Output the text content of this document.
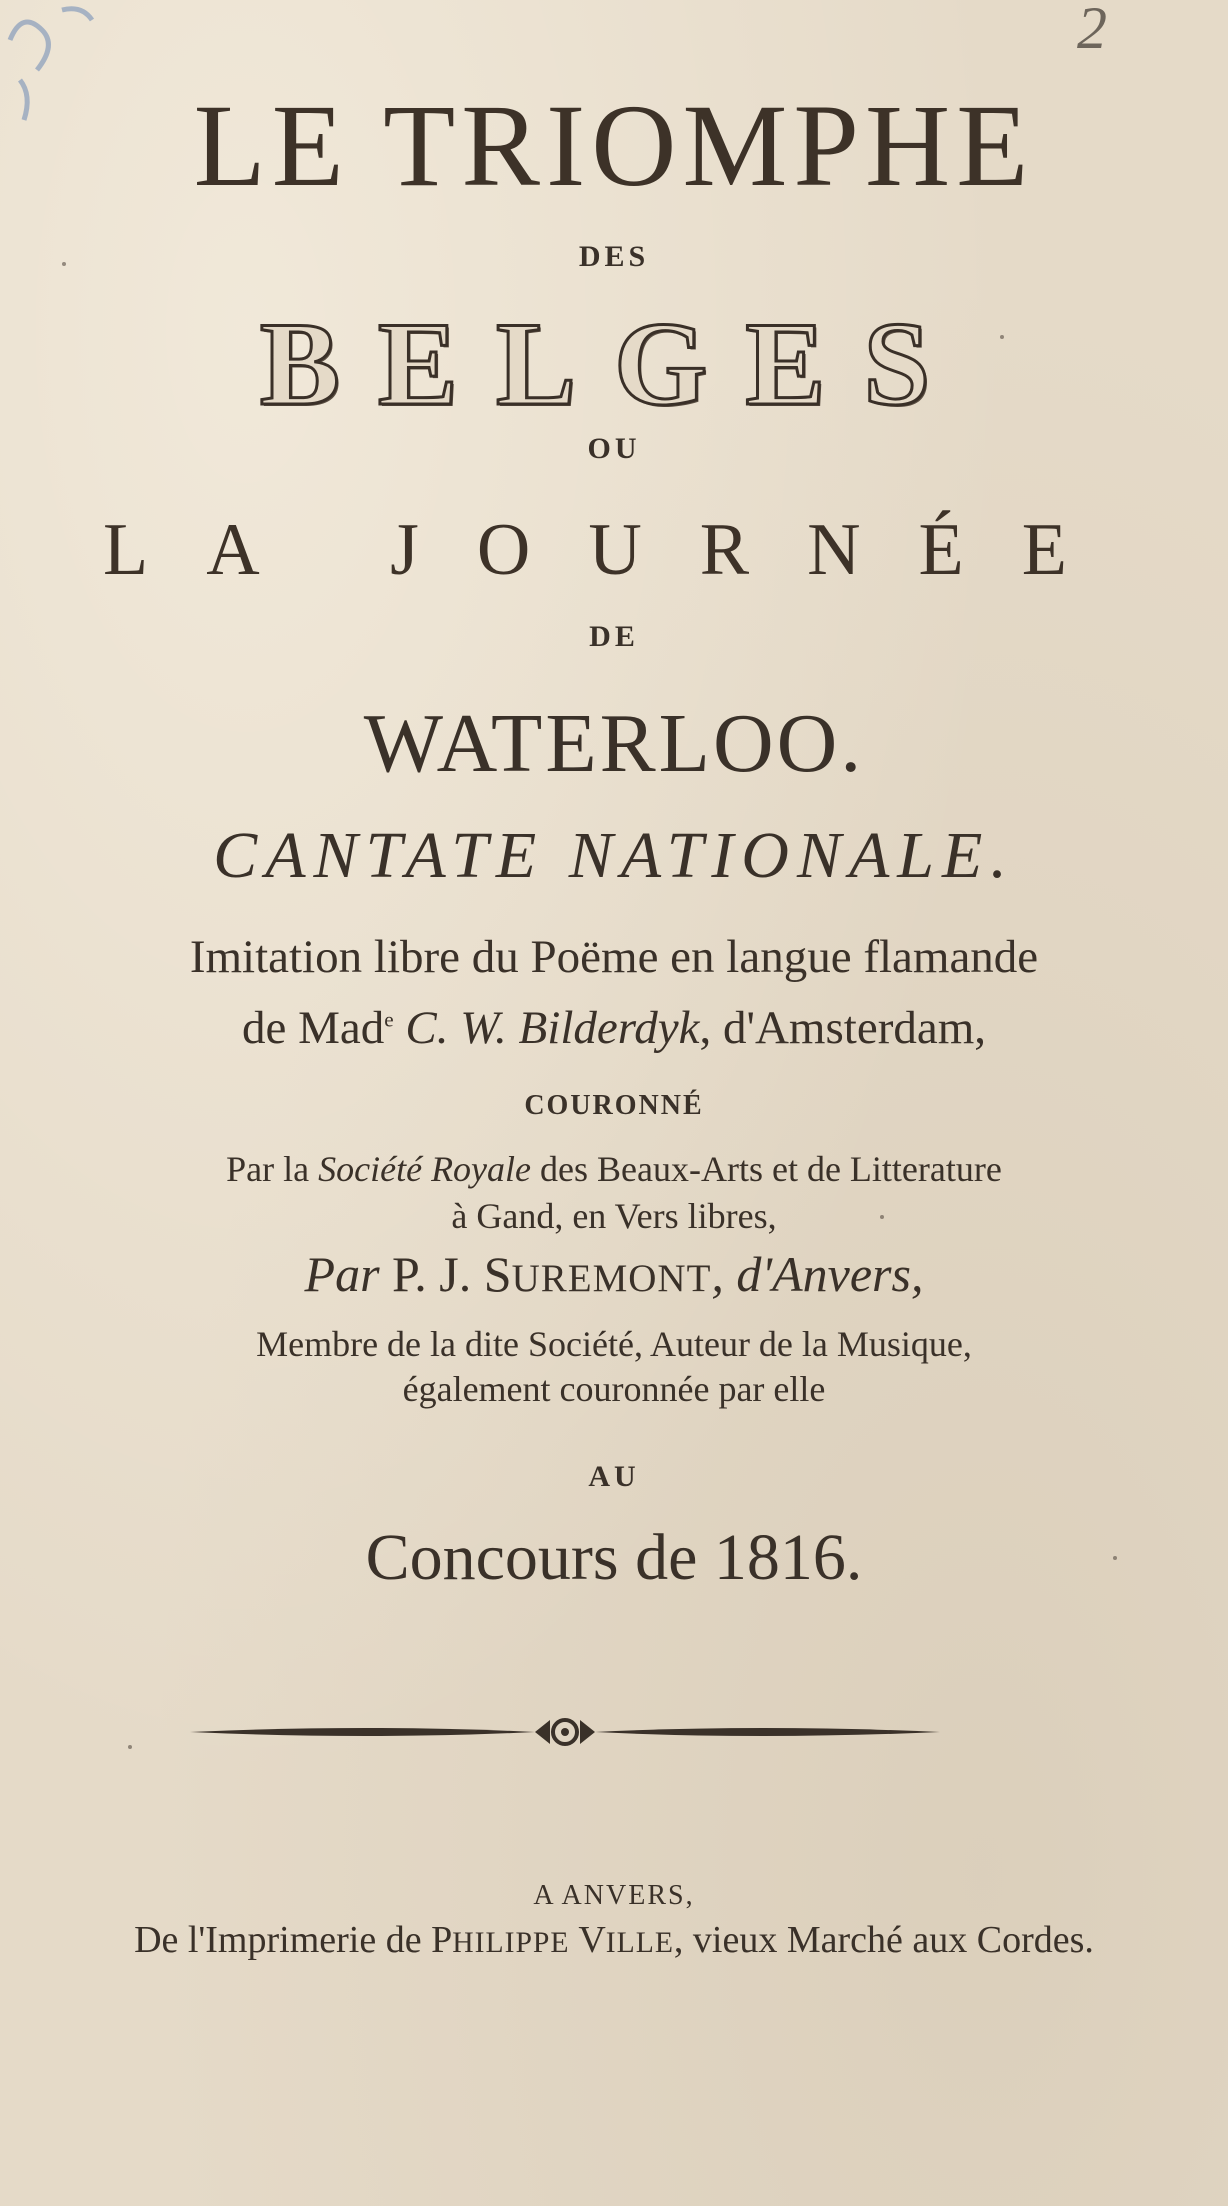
2
LE TRIOMPHE
DES
BELGES
OU
LA JOURNÉE
DE
WATERLOO.
CANTATE NATIONALE.
Imitation libre du Poëme en langue flamande
de Mad$^e$ C. W. Bilderdyk, d'Amsterdam,
COURONNÉ
Par la Société Royale des Beaux-Arts et de Litterature
à Gand, en Vers libres,
Par P. J. SUREMONT, d'Anvers,
Membre de la dite Société, Auteur de la Musique,
également couronnée par elle
AU
Concours de 1816.
A ANVERS,
De l'Imprimerie de PHILIPPE VILLE, vieux Marché aux Cordes.
